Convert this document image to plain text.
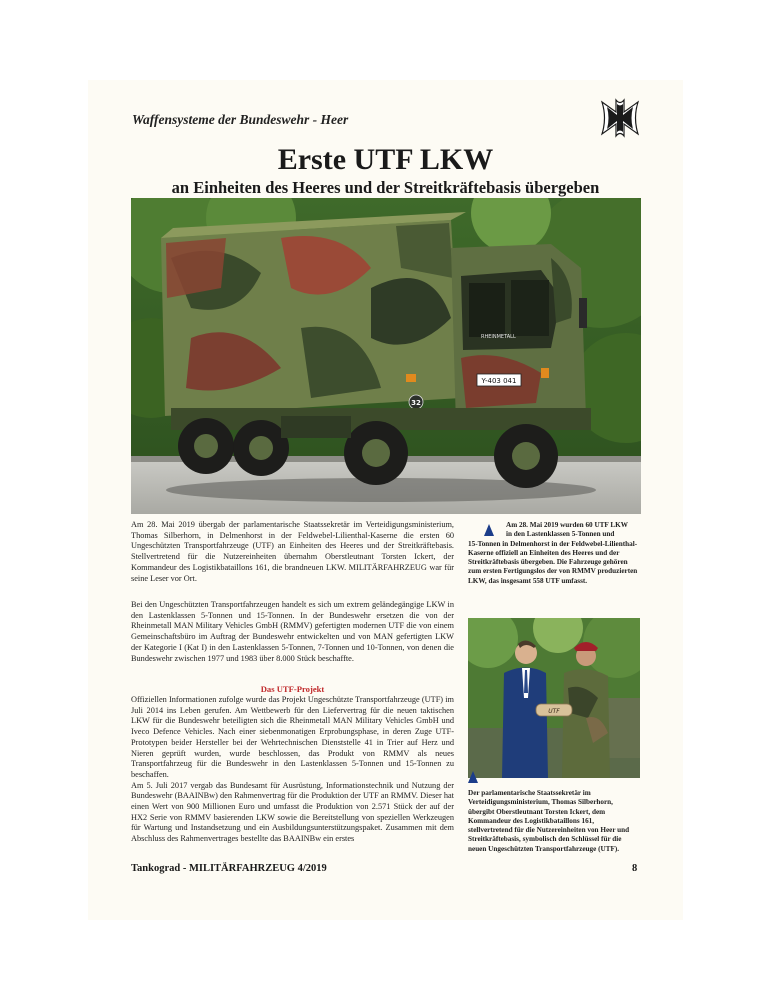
Waffensysteme der Bundeswehr - Heer
Erste UTF LKW
an Einheiten des Heeres und der Streitkräftebasis übergeben
Y-403 041
RHEINMETALL
32

Am 28. Mai 2019 übergab der parlamentarische Staatssekretär im Verteidigungsministerium, Thomas Silberhorn, in Delmenhorst in der Feldwebel-Lilienthal-Kaserne die ersten 60 Ungeschützten Transportfahrzeuge (UTF) an Einheiten des Heeres und der Streitkräftebasis. Stellvertretend für die Nutzereinheiten übernahm Oberstleutnant Torsten Ickert, der Kommandeur des Logistikbataillons 161, die brandneuen LKW. MILITÄRFAHRZEUG war für seine Leser vor Ort.

Bei den Ungeschützten Transportfahrzeugen handelt es sich um extrem geländegängige LKW in den Lastenklassen 5-Tonnen und 15-Tonnen. In der Bundeswehr ersetzen die von der Rheinmetall MAN Military Vehicles GmbH (RMMV) gefertigten modernen UTF die von einem Gemeinschaftsbüro im Auftrag der Bundeswehr entwickelten und von MAN gefertigten LKW der Kategorie I (Kat I) in den Lastenklassen 5-Tonnen, 7-Tonnen und 10-Tonnen, von denen die Bundeswehr zwischen 1977 und 1983 über 8.000 Stück beschaffte.

Das UTF-Projekt

Offiziellen Informationen zufolge wurde das Projekt Ungeschützte Transportfahrzeuge (UTF) im Juli 2014 ins Leben gerufen. Am Wettbewerb für den Liefervertrag für die neuen taktischen LKW für die Bundeswehr beteiligten sich die Rheinmetall MAN Military Vehicles GmbH und Iveco Defence Vehicles. Nach einer siebenmonatigen Erprobungsphase, in deren Zuge UTF-Prototypen beider Hersteller bei der Wehrtechnischen Dienststelle 41 in Trier auf Herz und Nieren geprüft wurden, wurde beschlossen, das Produkt von RMMV als neues Transportfahrzeug für die Bundeswehr in den Lastenklassen 5-Tonnen und 15-Tonnen zu beschaffen.

Am 5. Juli 2017 vergab das Bundesamt für Ausrüstung, Informationstechnik und Nutzung der Bundeswehr (BAAINBw) den Rahmenvertrag für die Produktion der UTF an RMMV. Dieser hat einen Wert von 900 Millionen Euro und umfasst die Produktion von 2.571 Stück der auf der HX2 Serie von RMMV basierenden LKW sowie die Bereitstellung von speziellen Werkzeugen für Wartung und Instandsetzung und ein Ausbildungsunterstützungspaket. Zusammen mit dem Abschluss des Rahmenvertrages bestellte das BAAINBw ein erstes

Am 28. Mai 2019 wurden 60 UTF LKW
in den Lastenklassen 5-Tonnen und
15-Tonnen in Delmenhorst in der Feldwebel-Lilienthal-Kaserne offiziell an Einheiten des Heeres und der Streitkräftebasis übergeben. Die Fahrzeuge gehören zum ersten Fertigungslos der von RMMV produzierten LKW, das insgesamt 558 UTF umfasst.
UTF
Der parlamentarische Staatssekretär im Verteidigungsministerium, Thomas Silberhorn, übergibt Oberstleutnant Torsten Ickert, dem Kommandeur des Logistikbataillons 161, stellvertretend für die Nutzereinheiten von Heer und Streitkräftebasis, symbolisch den Schlüssel für die neuen Ungeschützten Transportfahrzeuge (UTF).
Tankograd - MILITÄRFAHRZEUG 4/2019	8
